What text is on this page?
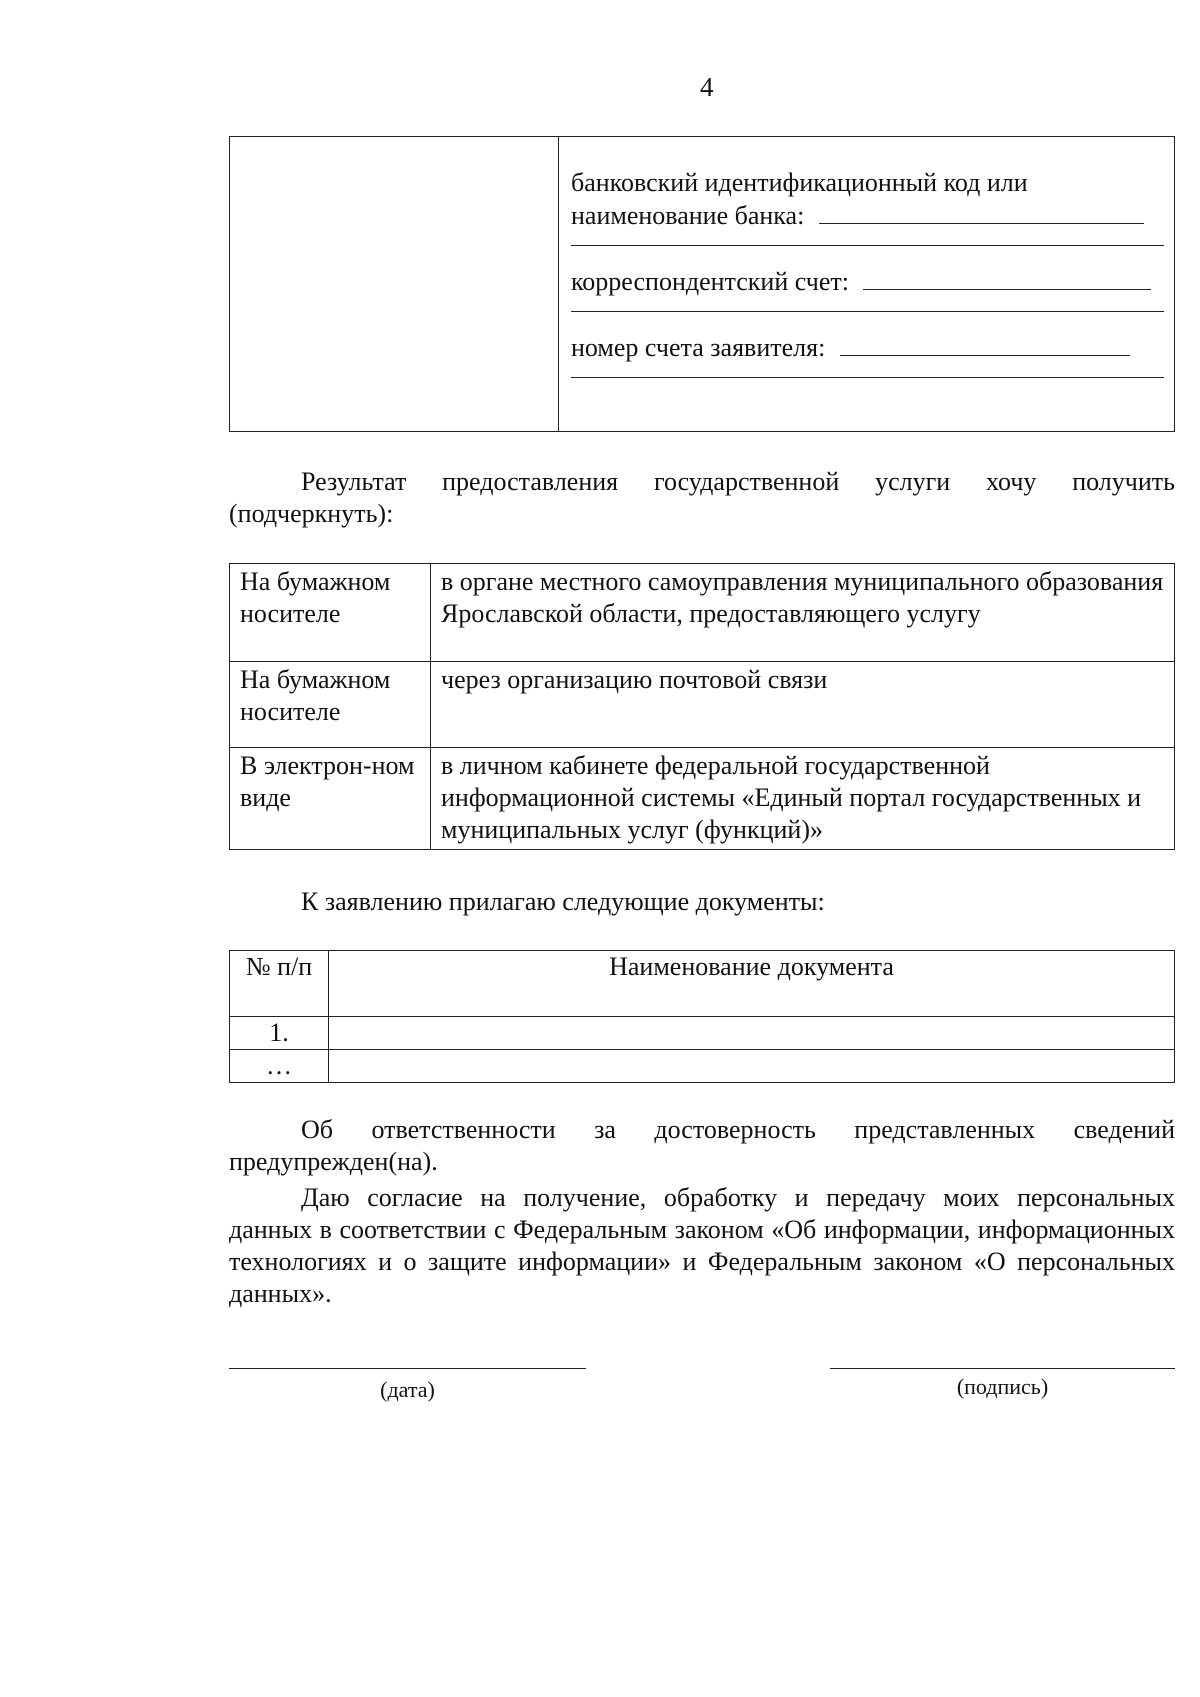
4
банковский идентификационный код или
наименование банка:
корреспондентский счет:
номер счета заявителя:
Результат предоставления государственной услуги хочу получить (подчеркнуть):
На бумажном носителе	в органе местного самоуправления муниципального образования Ярославской области, предоставляющего услугу
На бумажном носителе	через организацию почтовой связи
В электрон-ном виде	в личном кабинете федеральной государственной информационной системы «Единый портал государственных и муниципальных услуг (функций)»
К заявлению прилагаю следующие документы:
№ п/п	Наименование документа
1.	
…	
Об ответственности за достоверность представленных сведений предупрежден(на).
Даю согласие на получение, обработку и передачу моих персональных данных в соответствии с Федеральным законом «Об информации, информационных технологиях и о защите информации» и Федеральным законом «О персональных данных».
(дата)	(подпись)
